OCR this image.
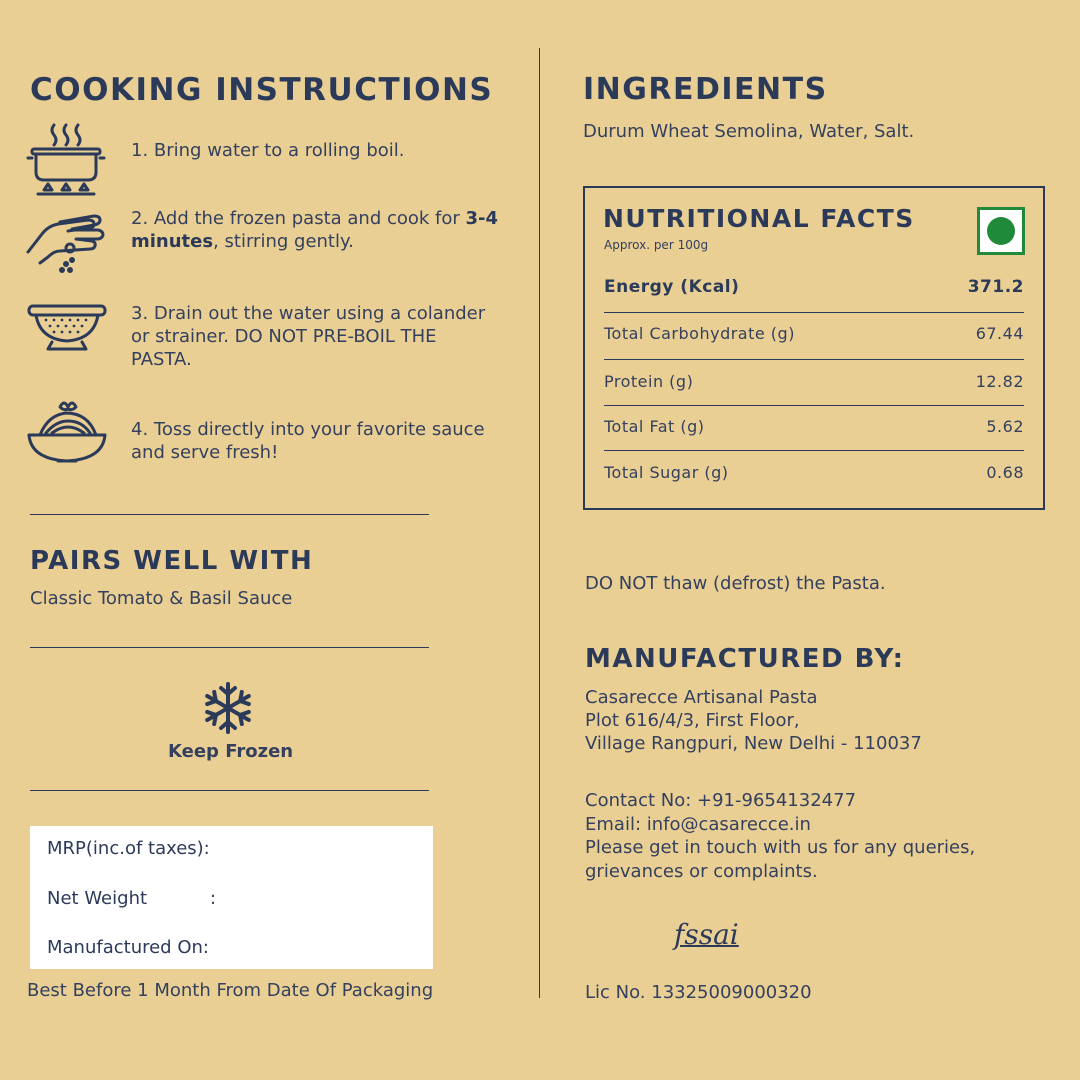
COOKING INSTRUCTIONS
1. Bring water to a rolling boil.
2. Add the frozen pasta and cook for 3-4 minutes, stirring gently.
3. Drain out the water using a colander or strainer. DO NOT PRE-BOIL THE PASTA.
4. Toss directly into your favorite sauce and serve fresh!
PAIRS WELL WITH
Classic Tomato & Basil Sauce
Keep Frozen
MRP(inc.of taxes):
Net Weight	:
Manufactured On:
Best Before 1 Month From Date Of Packaging
INGREDIENTS
Durum Wheat Semolina, Water, Salt.
NUTRITIONAL FACTS
Approx. per 100g
Energy (Kcal)	371.2
Total Carbohydrate (g)	67.44
Protein (g)	12.82
Total Fat (g)	5.62
Total Sugar (g)	0.68
DO NOT thaw (defrost) the Pasta.
MANUFACTURED BY:
Casarecce Artisanal Pasta
Plot 616/4/3, First Floor,
Village Rangpuri, New Delhi - 110037
Contact No: +91-9654132477
Email: info@casarecce.in
Please get in touch with us for any queries,
grievances or complaints.
fssai
Lic No. 13325009000320
